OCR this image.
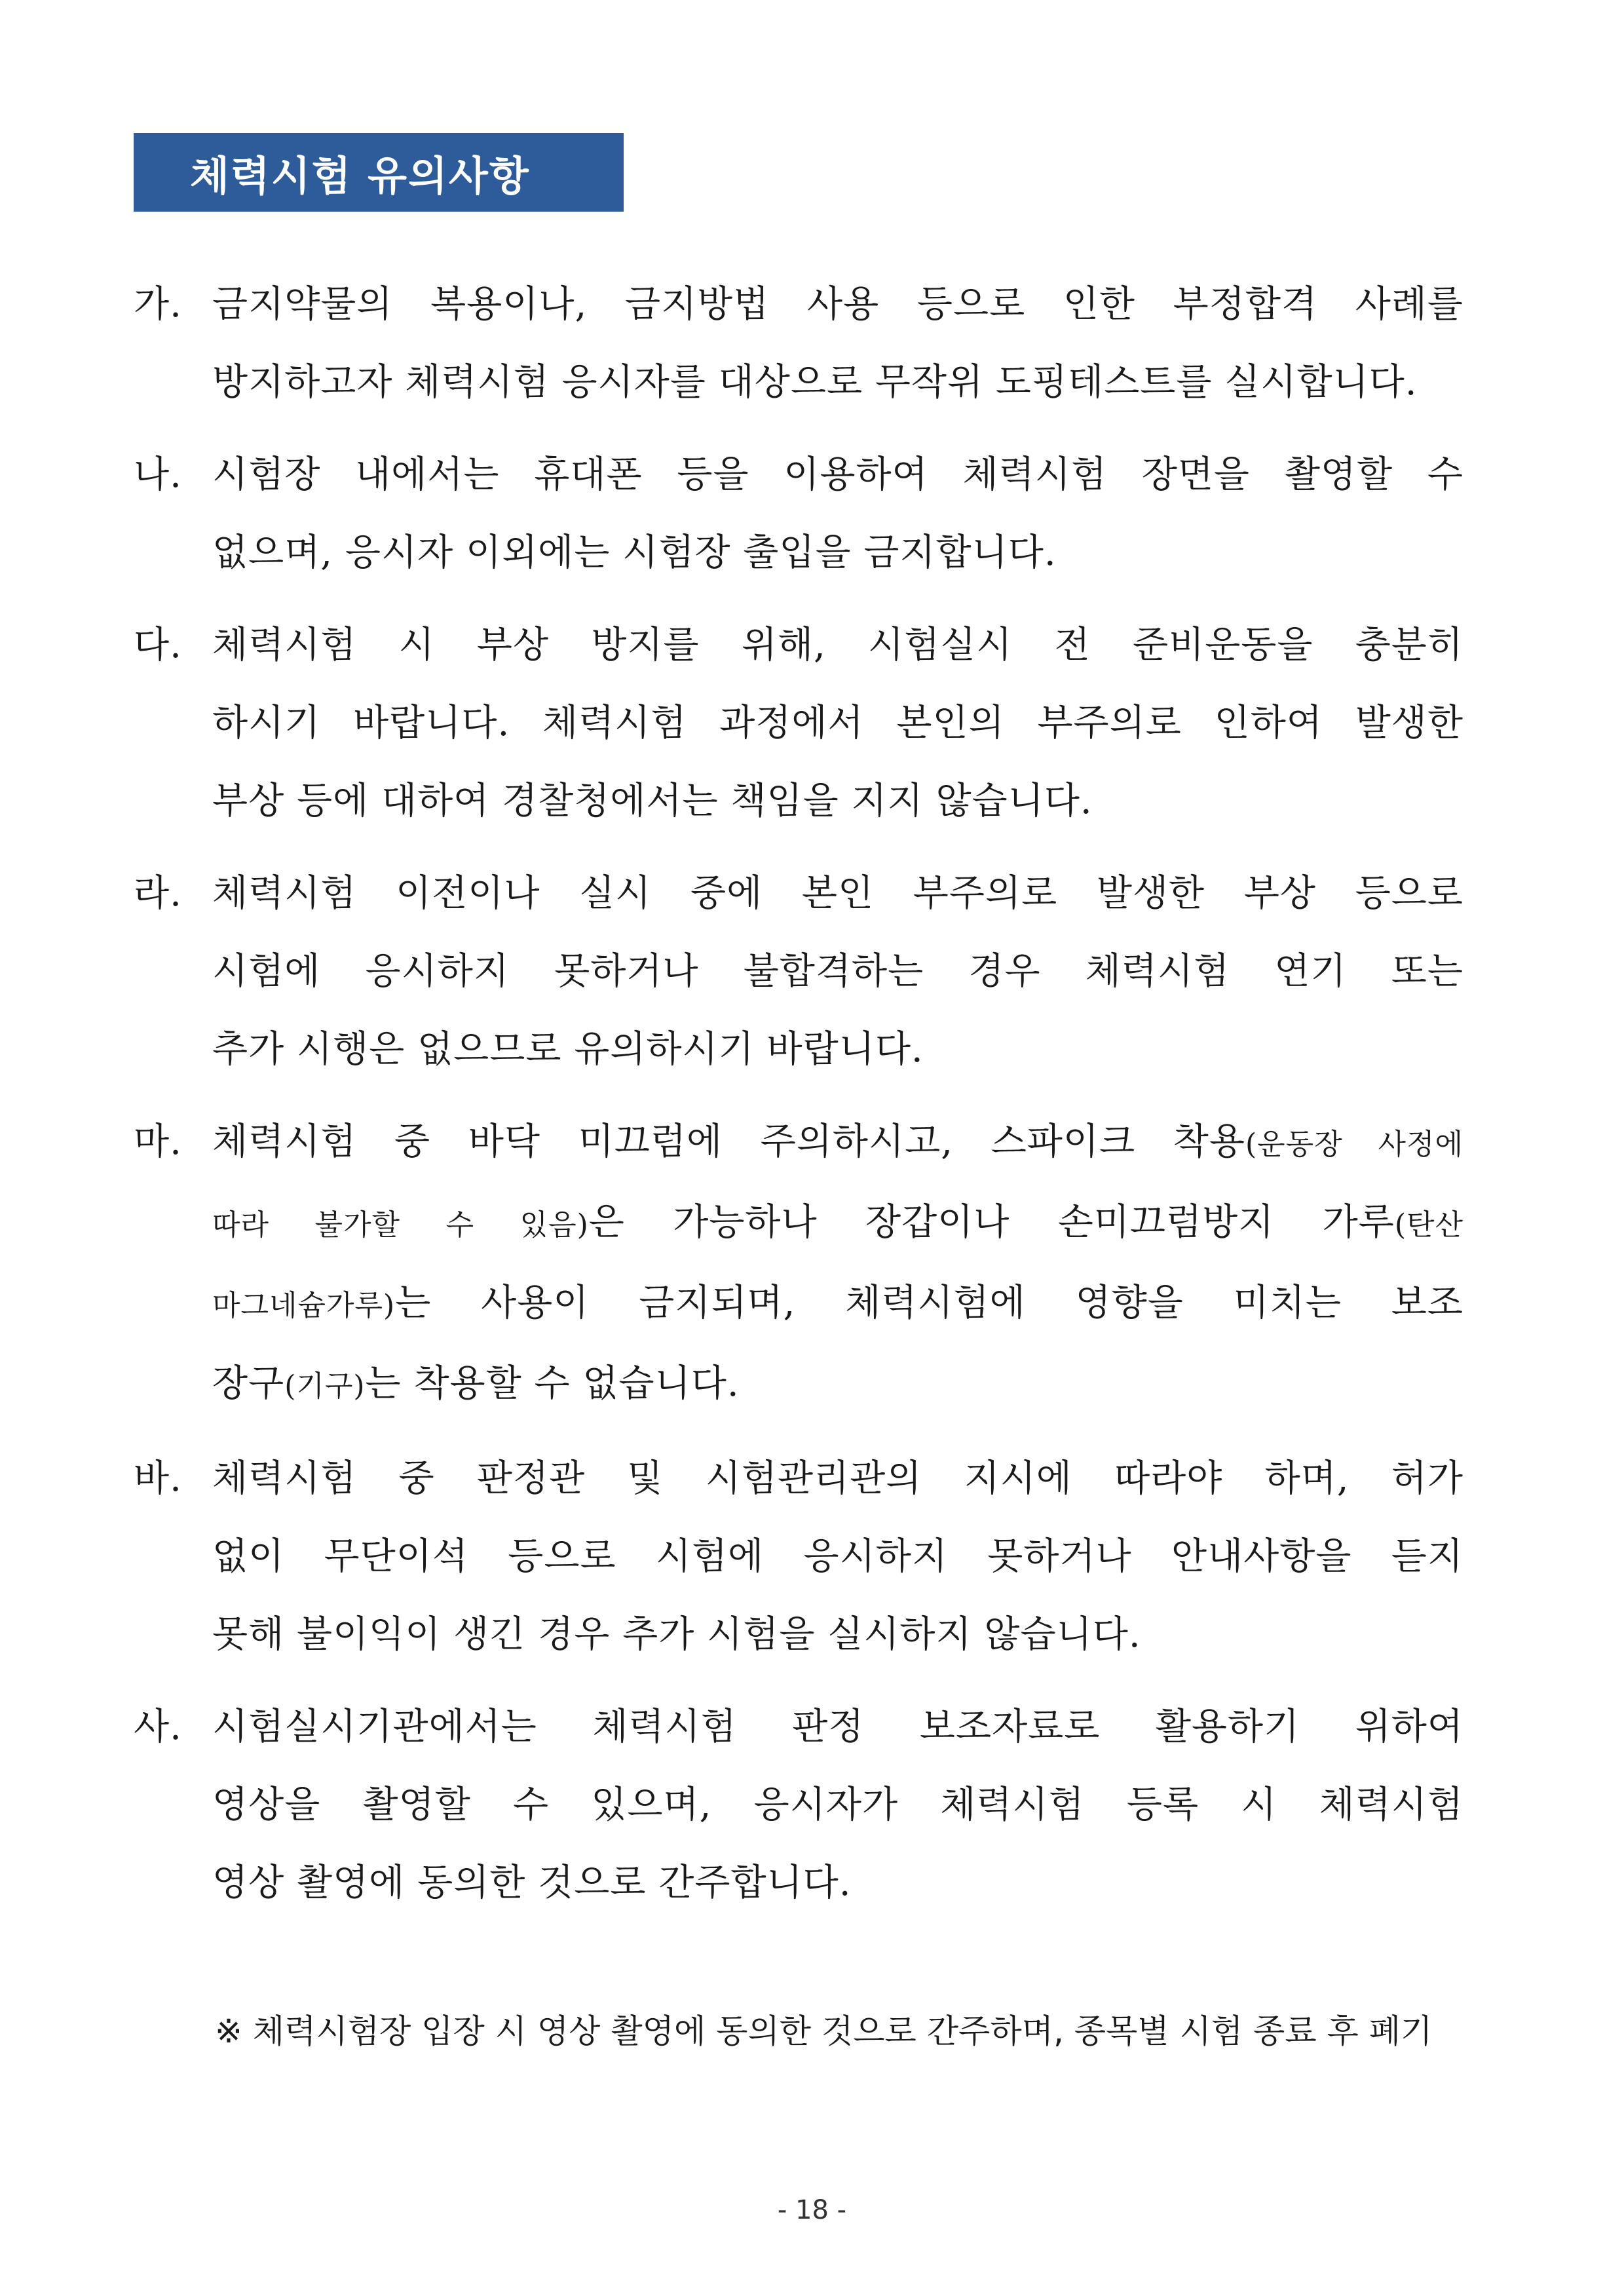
체력시험 유의사항
가. 금지약물의 복용이나, 금지방법 사용 등으로 인한 부정합격 사례를
방지하고자 체력시험 응시자를 대상으로 무작위 도핑테스트를 실시합니다.
나. 시험장 내에서는 휴대폰 등을 이용하여 체력시험 장면을 촬영할 수
없으며, 응시자 이외에는 시험장 출입을 금지합니다.
다. 체력시험 시 부상 방지를 위해, 시험실시 전 준비운동을 충분히
하시기 바랍니다. 체력시험 과정에서 본인의 부주의로 인하여 발생한
부상 등에 대하여 경찰청에서는 책임을 지지 않습니다.
라. 체력시험 이전이나 실시 중에 본인 부주의로 발생한 부상 등으로
시험에 응시하지 못하거나 불합격하는 경우 체력시험 연기 또는
추가 시행은 없으므로 유의하시기 바랍니다.
마. 체력시험 중 바닥 미끄럼에 주의하시고, 스파이크 착용(운동장 사정에
따라 불가할 수 있음)은 가능하나 장갑이나 손미끄럼방지 가루(탄산
마그네슘가루)는 사용이 금지되며, 체력시험에 영향을 미치는 보조
장구(기구)는 착용할 수 없습니다.
바. 체력시험 중 판정관 및 시험관리관의 지시에 따라야 하며, 허가
없이 무단이석 등으로 시험에 응시하지 못하거나 안내사항을 듣지
못해 불이익이 생긴 경우 추가 시험을 실시하지 않습니다.
사. 시험실시기관에서는 체력시험 판정 보조자료로 활용하기 위하여
영상을 촬영할 수 있으며, 응시자가 체력시험 등록 시 체력시험
영상 촬영에 동의한 것으로 간주합니다.
※ 체력시험장 입장 시 영상 촬영에 동의한 것으로 간주하며, 종목별 시험 종료 후 폐기
- 18 -
